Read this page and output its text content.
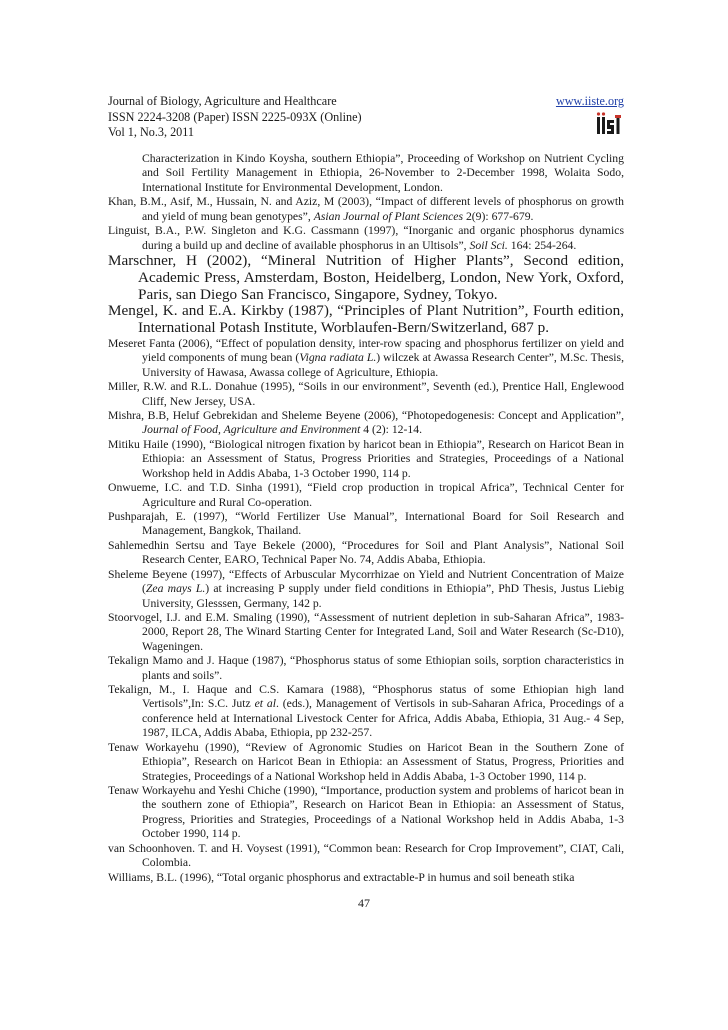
Journal of Biology, Agriculture and Healthcare
ISSN 2224-3208 (Paper) ISSN 2225-093X (Online)
Vol 1, No.3, 2011
www.iiste.org

Characterization in Kindo Koysha, southern Ethiopia”, Proceeding of Workshop on Nutrient Cycling and Soil Fertility Management in Ethiopia, 26-November to 2-December 1998, Wolaita Sodo, International Institute for Environmental Development, London.

Khan, B.M., Asif, M., Hussain, N. and Aziz, M (2003), “Impact of different levels of phosphorus on growth and yield of mung bean genotypes”, Asian Journal of Plant Sciences 2(9): 677-679.

Linguist, B.A., P.W. Singleton and K.G. Cassmann (1997), “Inorganic and organic phosphorus dynamics during a build up and decline of available phosphorus in an Ultisols”, Soil Sci. 164: 254-264.

Marschner, H (2002), “Mineral Nutrition of Higher Plants”, Second edition, Academic Press, Amsterdam, Boston, Heidelberg, London, New York, Oxford, Paris, san Diego San Francisco, Singapore, Sydney, Tokyo.

Mengel, K. and E.A. Kirkby (1987), “Principles of Plant Nutrition”, Fourth edition, International Potash Institute, Worblaufen-Bern/Switzerland, 687 p.

Meseret Fanta (2006), “Effect of population density, inter-row spacing and phosphorus fertilizer on yield and yield components of mung bean (Vigna radiata L.) wilczek at Awassa Research Center”, M.Sc. Thesis, University of Hawasa, Awassa college of Agriculture, Ethiopia.

Miller, R.W. and R.L. Donahue (1995), “Soils in our environment”, Seventh (ed.), Prentice Hall, Englewood Cliff, New Jersey, USA.

Mishra, B.B, Heluf Gebrekidan and Sheleme Beyene (2006), “Photopedogenesis: Concept and Application”, Journal of Food, Agriculture and Environment 4 (2): 12-14.

Mitiku Haile (1990), “Biological nitrogen fixation by haricot bean in Ethiopia”, Research on Haricot Bean in Ethiopia: an Assessment of Status, Progress Priorities and Strategies, Proceedings of a National Workshop held in Addis Ababa, 1-3 October 1990, 114 p.

Onwueme, I.C. and T.D. Sinha (1991), “Field crop production in tropical Africa”, Technical Center for Agriculture and Rural Co-operation.

Pushparajah, E. (1997), “World Fertilizer Use Manual”, International Board for Soil Research and Management, Bangkok, Thailand.

Sahlemedhin Sertsu and Taye Bekele (2000), “Procedures for Soil and Plant Analysis”, National Soil Research Center, EARO, Technical Paper No. 74, Addis Ababa, Ethiopia.

Sheleme Beyene (1997), “Effects of Arbuscular Mycorrhizae on Yield and Nutrient Concentration of Maize (Zea mays L.) at increasing P supply under field conditions in Ethiopia”, PhD Thesis, Justus Liebig University, Glesssen, Germany, 142 p.

Stoorvogel, I.J. and E.M. Smaling (1990), “Assessment of nutrient depletion in sub-Saharan Africa”, 1983-2000, Report 28, The Winard Starting Center for Integrated Land, Soil and Water Research (Sc-D10), Wageningen.

Tekalign Mamo and J. Haque (1987), “Phosphorus status of some Ethiopian soils, sorption characteristics in plants and soils”.

Tekalign, M., I. Haque and C.S. Kamara (1988), “Phosphorus status of some Ethiopian high land Vertisols”,In: S.C. Jutz et al. (eds.), Management of Vertisols in sub-Saharan Africa, Procedings of a conference held at International Livestock Center for Africa, Addis Ababa, Ethiopia, 31 Aug.- 4 Sep, 1987, ILCA, Addis Ababa, Ethiopia, pp 232-257.

Tenaw Workayehu (1990), “Review of Agronomic Studies on Haricot Bean in the Southern Zone of Ethiopia”, Research on Haricot Bean in Ethiopia: an Assessment of Status, Progress, Priorities and Strategies, Proceedings of a National Workshop held in Addis Ababa, 1-3 October 1990, 114 p.

Tenaw Workayehu and Yeshi Chiche (1990), “Importance, production system and problems of haricot bean in the southern zone of Ethiopia”, Research on Haricot Bean in Ethiopia: an Assessment of Status, Progress, Priorities and Strategies, Proceedings of a National Workshop held in Addis Ababa, 1-3 October 1990, 114 p.

van Schoonhoven. T. and H. Voysest (1991), “Common bean: Research for Crop Improvement”, CIAT, Cali, Colombia.

Williams, B.L. (1996), “Total organic phosphorus and extractable-P in humus and soil beneath stika

47
